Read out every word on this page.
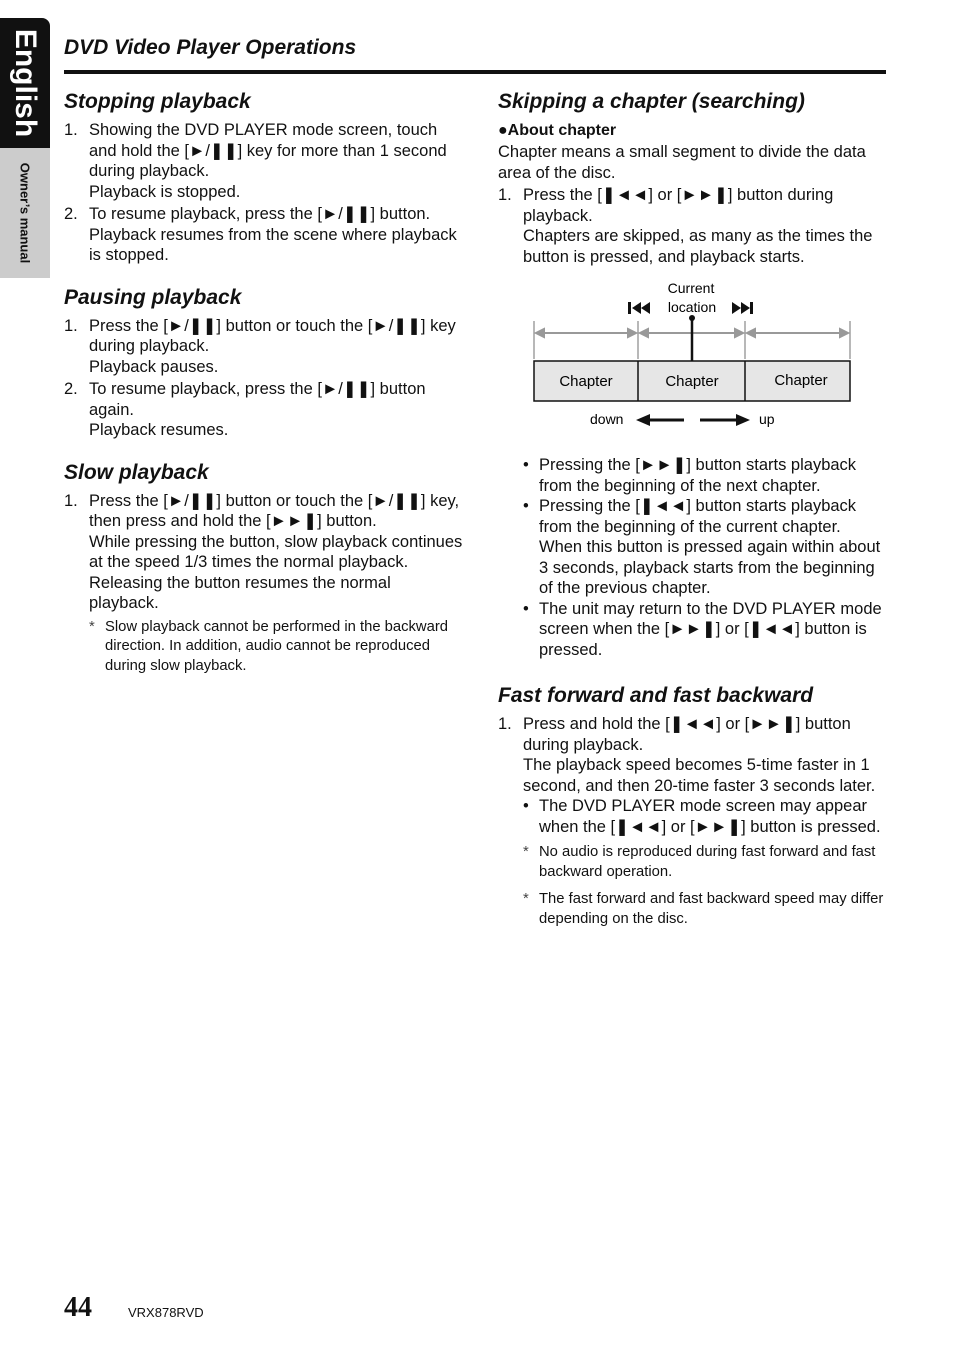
English
Owner’s manual
DVD Video Player Operations
Stopping playback
1. Showing the DVD PLAYER mode screen, touch and hold the [►/❚❚] key for more than 1 second during playback.
Playback is stopped.
2. To resume playback, press the [►/❚❚] button.
Playback resumes from the scene where playback is stopped.
Pausing playback
1. Press the [►/❚❚] button or touch the [►/❚❚] key during playback.
Playback pauses.
2. To resume playback, press the [►/❚❚] button again.
Playback resumes.
Slow playback
1. Press the [►/❚❚] button or touch the [►/❚❚] key, then press and hold the [►►❚] button.
While pressing the button, slow playback continues at the speed 1/3 times the normal playback.
Releasing the button resumes the normal playback.
* Slow playback cannot be performed in the backward direction. In addition, audio cannot be reproduced during slow playback.
Skipping a chapter (searching)
●About chapter
Chapter means a small segment to divide the data area of the disc.
1. Press the [❚◄◄] or [►►❚] button during playback.
Chapters are skipped, as many as the times the button is pressed, and playback starts.
Current
location
Chapter	Chapter	Chapter
down	up
• Pressing the [►►❚] button starts playback from the beginning of the next chapter.
• Pressing the [❚◄◄] button starts playback from the beginning of the current chapter. When this button is pressed again within about 3 seconds, playback starts from the beginning of the previous chapter.
• The unit may return to the DVD PLAYER mode screen when the [►►❚] or [❚◄◄] button is pressed.
Fast forward and fast backward
1. Press and hold the [❚◄◄] or [►►❚] button during playback.
The playback speed becomes 5-time faster in 1 second, and then 20-time faster 3 seconds later.
• The DVD PLAYER mode screen may appear when the [❚◄◄] or [►►❚] button is pressed.
* No audio is reproduced during fast forward and fast backward operation.
* The fast forward and fast backward speed may differ depending on the disc.
44	VRX878RVD
